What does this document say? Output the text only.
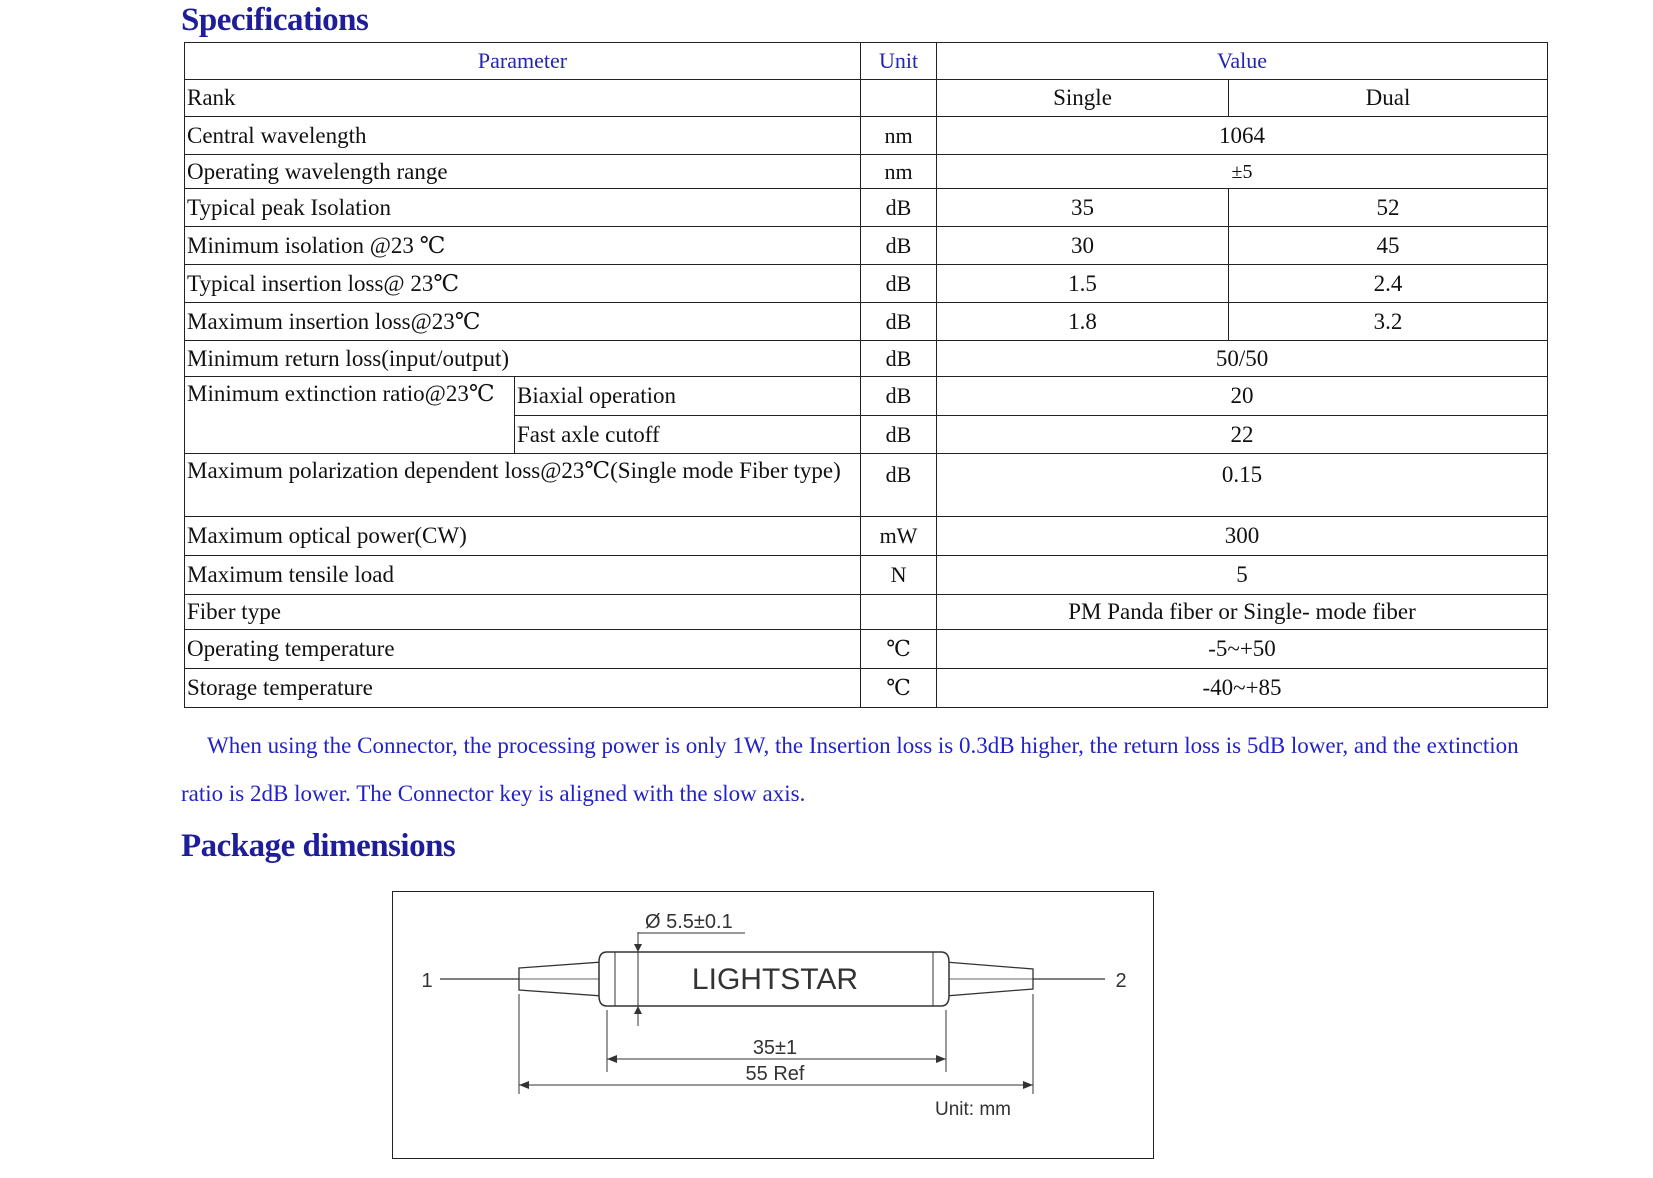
Specifications
Parameter		Unit	Value	
Rank			Single	Dual
Central wavelength		nm	1064	
Operating wavelength range		nm	±5	
Typical peak Isolation		dB	35	52
Minimum isolation @23 ℃		dB	30	45
Typical insertion loss@ 23℃		dB	1.5	2.4
Maximum insertion loss@23℃		dB	1.8	3.2
Minimum return loss(input/output)		dB	50/50	
Minimum extinction ratio@23℃	Biaxial operation	dB	20	
	Fast axle cutoff	dB	22	
Maximum polarization dependent loss@23℃(Single mode Fiber type)		dB	0.15	
Maximum optical power(CW)		mW	300	
Maximum tensile load		N	5	
Fiber type			PM Panda fiber or Single- mode fiber	
Operating temperature		℃	-5~+50	
Storage temperature		℃	-40~+85	

When using the Connector, the processing power is only 1W, the Insertion loss is 0.3dB higher, the return loss is 5dB lower, and the extinction ratio is 2dB lower. The Connector key is aligned with the slow axis.

Package dimensions
Ø 5.5±0.1
LIGHTSTAR
1	2
35±1
55 Ref
Unit: mm
